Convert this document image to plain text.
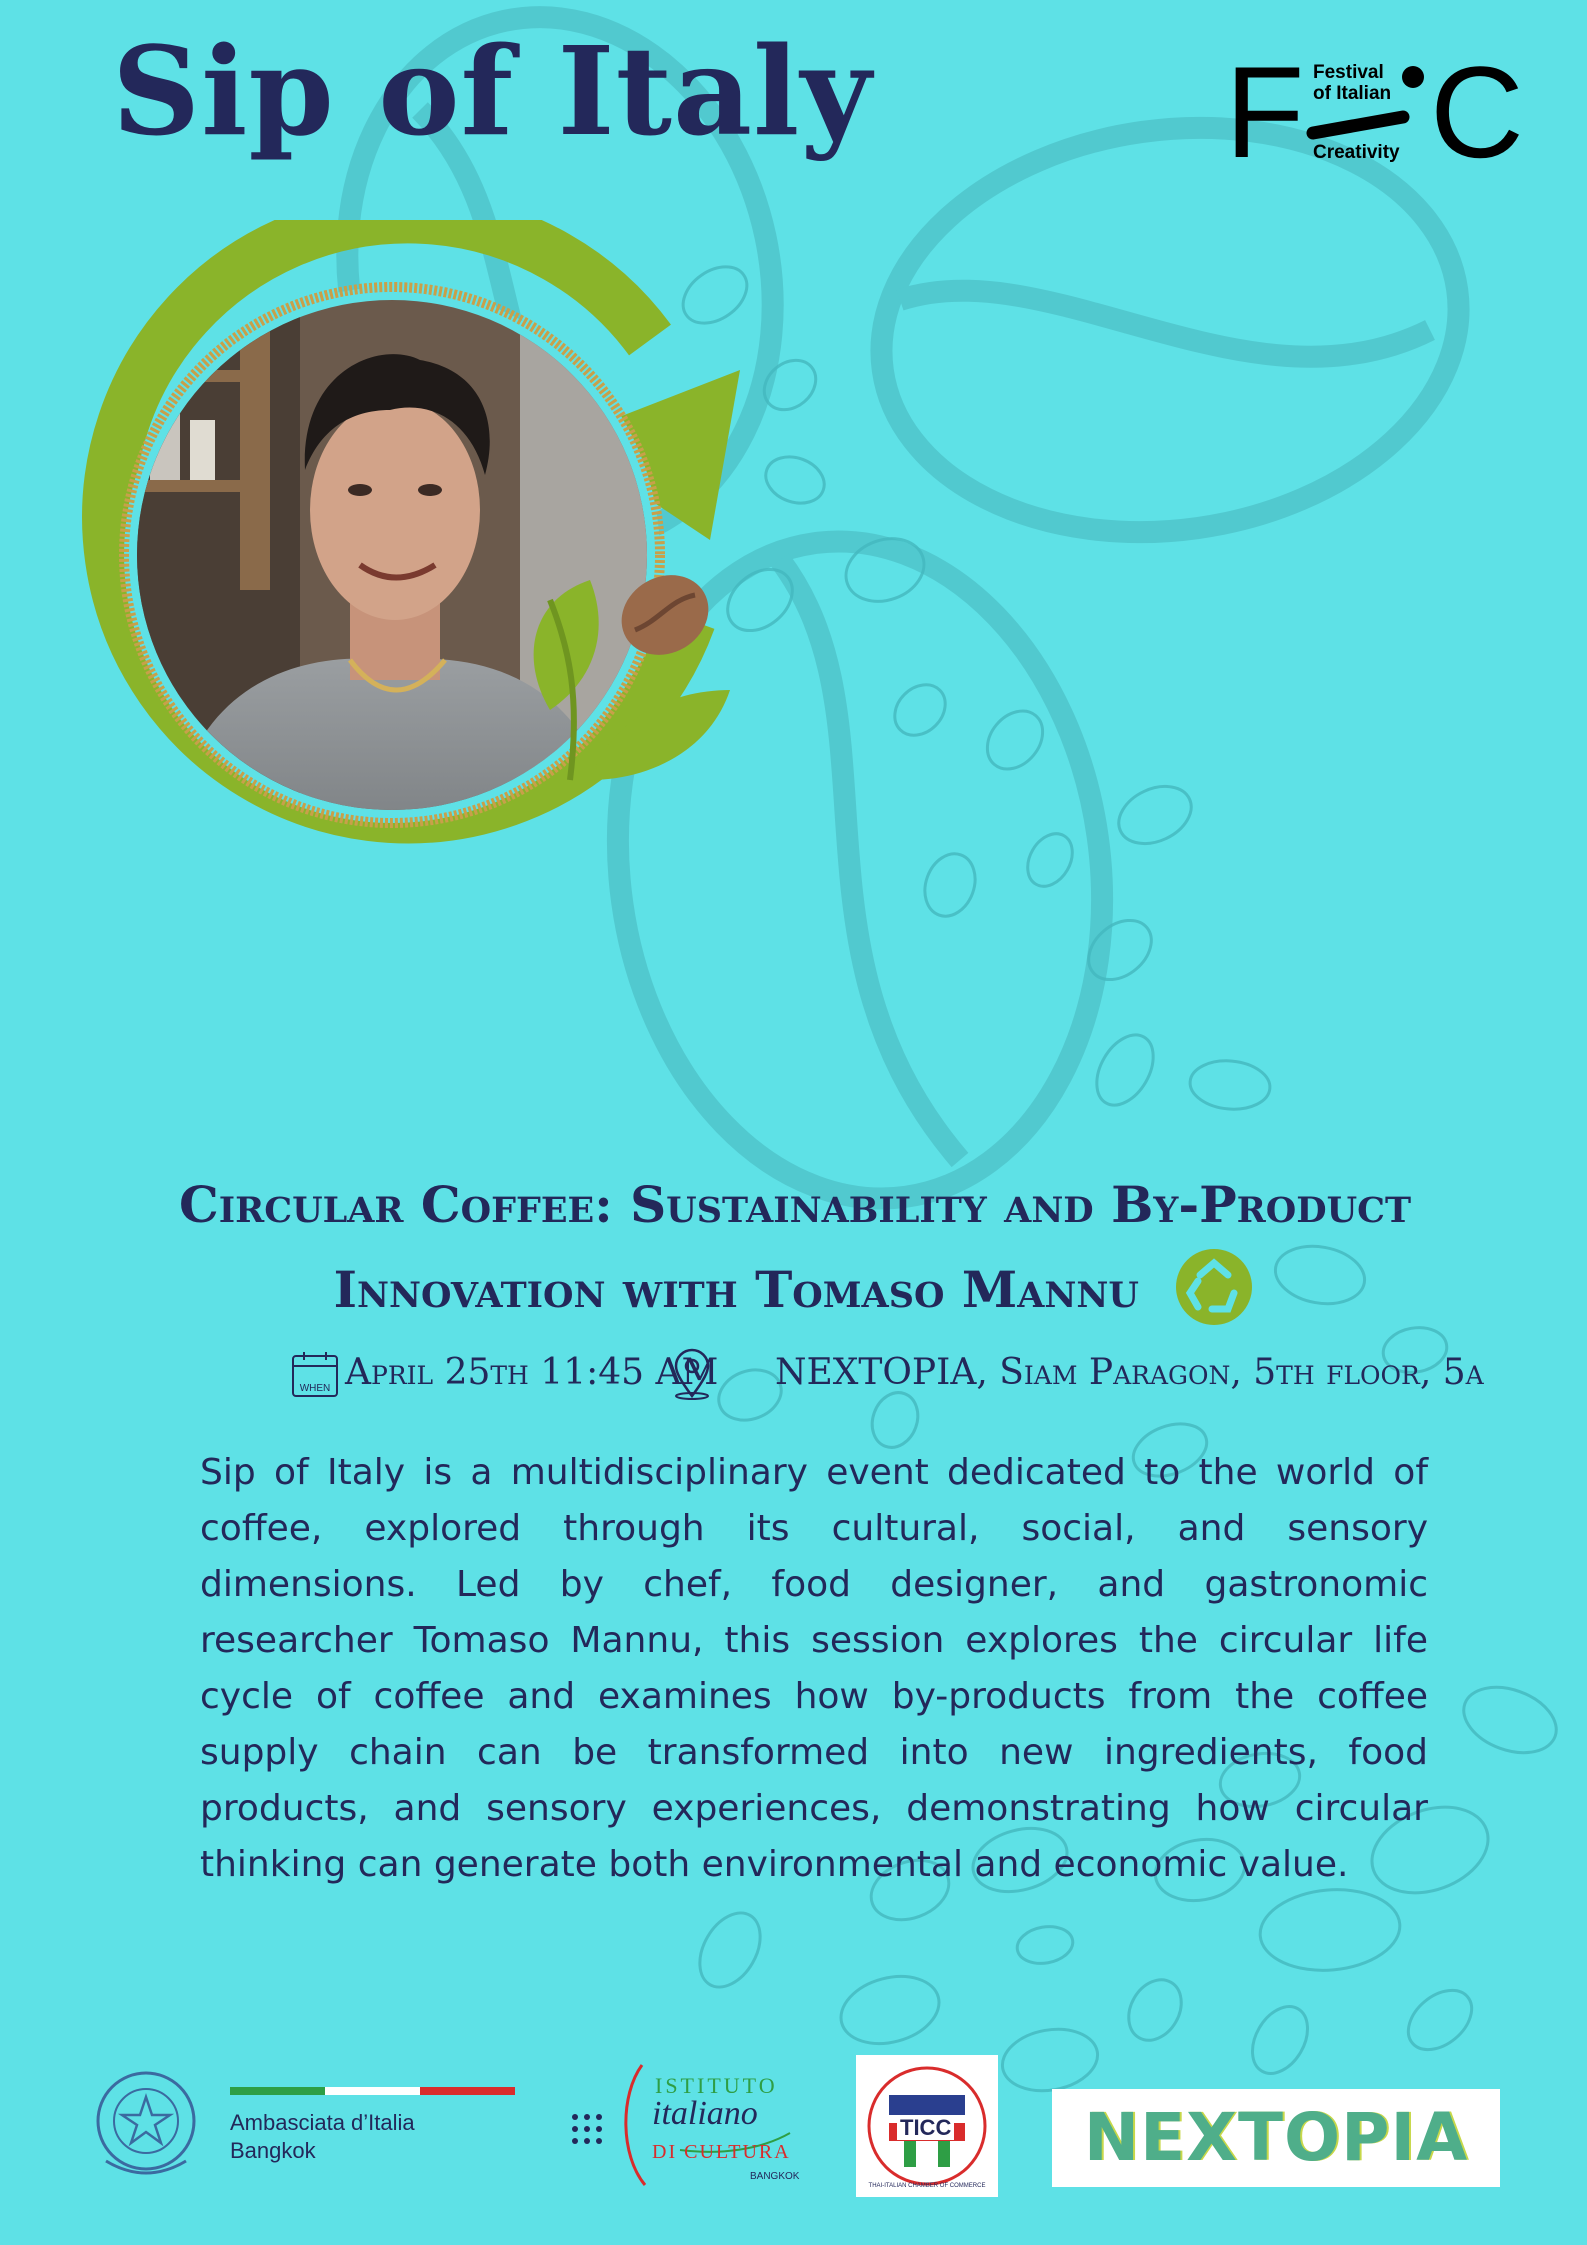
Sip of Italy	F Festival
of Italian
Creativity C
Circular Coffee: Sustainability and By-Product
Innovation with Tomaso Mannu
WHEN April 25th 11:45 AM NEXTOPIA, Siam Paragon, 5th floor, 5a
Sip of Italy is a multidisciplinary event dedicated to the world of coffee, explored through its cultural, social, and sensory dimensions. Led by chef, food designer, and gastronomic researcher Tomaso Mannu, this session explores the circular life cycle of coffee and examines how by-products from the coffee supply chain can be transformed into new ingredients, food products, and sensory experiences, demonstrating how circular thinking can generate both environmental and economic value.
Ambasciata d’Italia
Bangkok
ISTITUTO
italiano
DI CULTURA
BANGKOK
TICC
THAI-ITALIAN CHAMBER OF COMMERCE
NEXTOPIA
